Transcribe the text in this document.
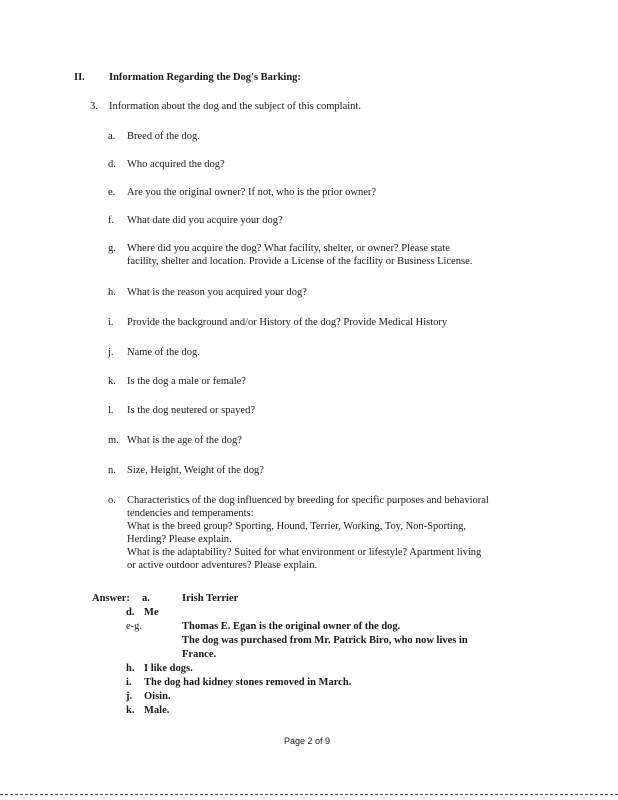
II. Information Regarding the Dog's Barking:
3. Information about the dog and the subject of this complaint.
a. Breed of the dog.
d. Who acquired the dog?
e. Are you the original owner? If not, who is the prior owner?
f. What date did you acquire your dog?
g. Where did you acquire the dog? What facility, shelter, or owner? Please state
facility, shelter and location. Provide a License of the facility or Business License.
h. What is the reason you acquired your dog?
i. Provide the background and/or History of the dog? Provide Medical History
j. Name of the dog.
k. Is the dog a male or female?
l. Is the dog neutered or spayed?
m. What is the age of the dog?
n. Size, Height, Weight of the dog?
o. Characteristics of the dog influenced by breeding for specific purposes and behavioral
tendencies and temperaments:
What is the breed group? Sporting, Hound, Terrier, Working, Toy, Non-Sporting,
Herding? Please explain.
What is the adaptability? Suited for what environment or lifestyle? Apartment living
or active outdoor adventures? Please explain.
Answer: a.	Irish Terrier
d. Me
e-g.	Thomas E. Egan is the original owner of the dog.
The dog was purchased from Mr. Patrick Biro, who now lives in
France.
h. I like dogs.
i. The dog had kidney stones removed in March.
j. Oisin.
k. Male.
Page 2 of 9
